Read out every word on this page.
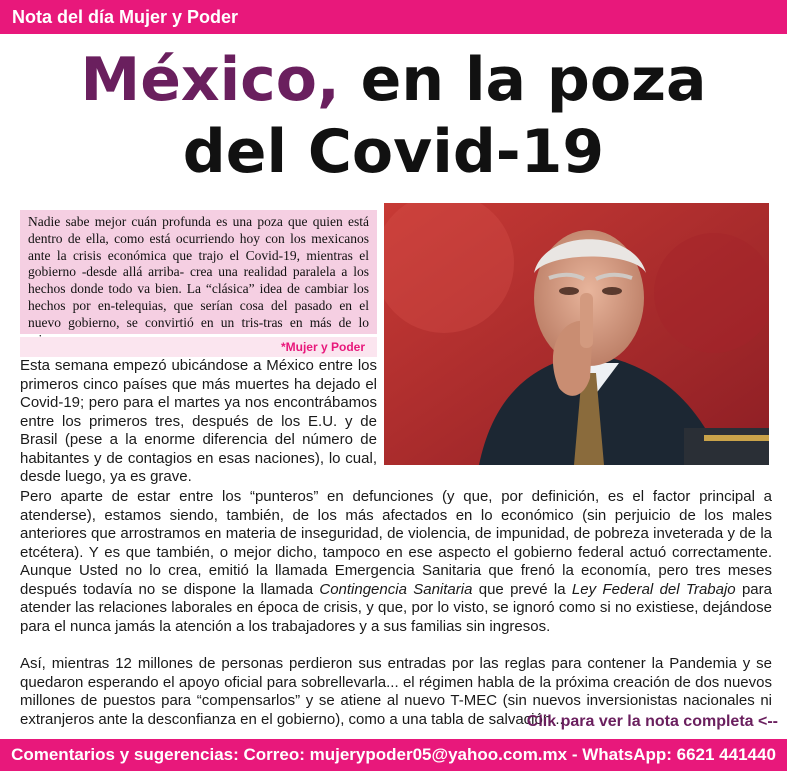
Nota del día Mujer y Poder
México, en la poza
del Covid-19
Nadie sabe mejor cuán profunda es una poza que quien está dentro de ella, como está ocurriendo hoy con los mexicanos ante la crisis económica que trajo el Covid-19, mientras el gobierno -desde allá arriba- crea una realidad paralela a los hechos donde todo va bien. La “clásica” idea de cambiar los hechos por en-telequias, que serían cosa del pasado en el nuevo gobierno, se convirtió en un tris-tras en más de lo
*Mujer y Poder
Esta semana empezó ubicándose a México entre los primeros cinco países que más muertes ha dejado el Covid-19; pero para el martes ya nos encontrábamos entre los primeros tres, después de los E.U. y de Brasil (pese a la enorme diferencia del número de habitantes y de contagios en esas naciones), lo cual, desde luego, ya es grave.
Pero aparte de estar entre los “punteros” en defunciones (y que, por definición, es el factor principal a atenderse), estamos siendo, también, de los más afectados en lo económico (sin perjuicio de los males anteriores que arrostramos en materia de inseguridad, de violencia, de impunidad, de pobreza inveterada y de la etcétera). Y es que también, o mejor dicho, tampoco en ese aspecto el gobierno federal actuó correctamente. Aunque Usted no lo crea, emitió la llamada Emergencia Sanitaria que frenó la economía, pero tres meses después todavía no se dispone la llamada Contingencia Sanitaria que prevé la Ley Federal del Trabajo para atender las relaciones laborales en época de crisis, y que, por lo visto, se ignoró como si no existiese, dejándose para el nunca jamás la atención a los trabajadores y a sus familias sin ingresos.
Así, mientras 12 millones de personas perdieron sus entradas por las reglas para contener la Pandemia y se quedaron esperando el apoyo oficial para sobrellevarla... el régimen habla de la próxima creación de dos nuevos millones de puestos para “compensarlos” y se atiene al nuevo T-MEC (sin nuevos inversionistas nacionales ni extranjeros ante la desconfianza en el gobierno), como a una tabla de salvación...
Clik para ver la nota completa <--
Comentarios y sugerencias: Correo: mujerypoder05@yahoo.com.mx - WhatsApp: 6621 441440
